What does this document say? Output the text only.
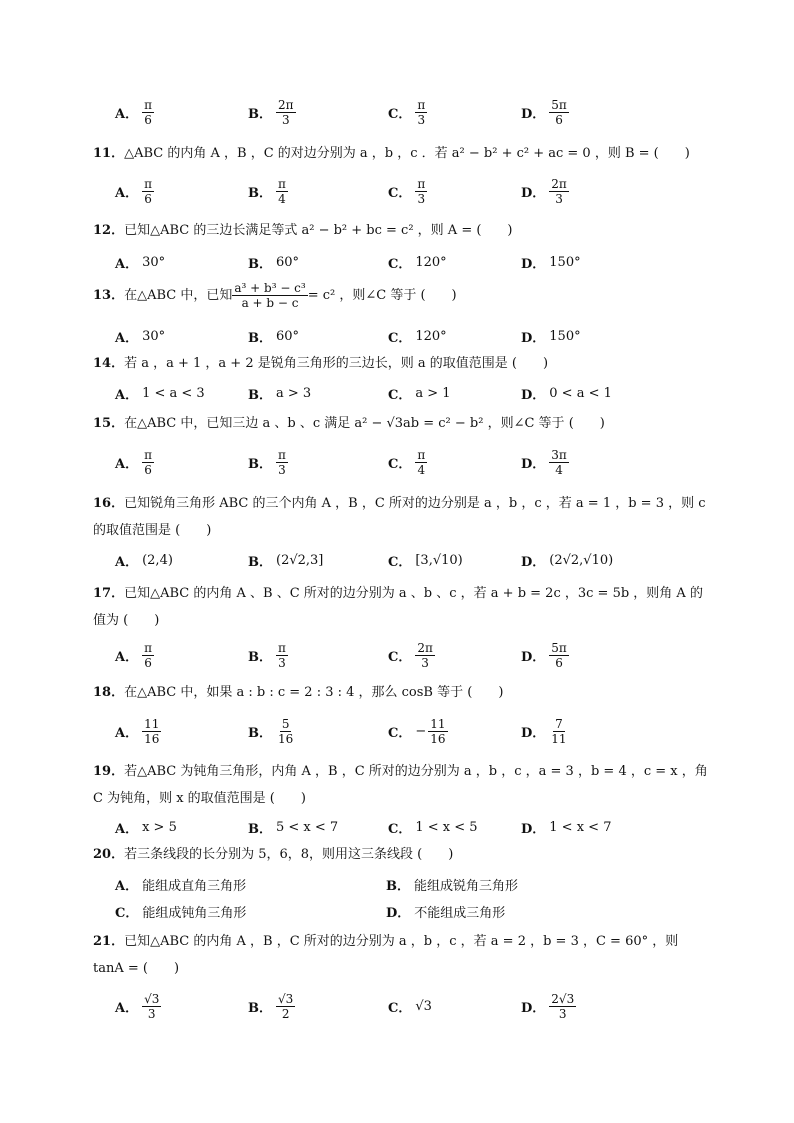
A． $\frac{\pi}{6}$	B． $\frac{2\pi}{3}$	C． $\frac{\pi}{3}$	D． $\frac{5\pi}{6}$
11．△ABC 的内角 A ，B ，C 的对边分别为 a ，b ，c ．若 a² − b² + c² + ac = 0 ，则 B = (　　)
A． $\frac{\pi}{6}$	B． $\frac{\pi}{4}$	C． $\frac{\pi}{3}$	D． $\frac{2\pi}{3}$
12．已知△ABC 的三边长满足等式 a² − b² + bc = c² ，则 A = (　　)
A． 30°	B． 60°	C． 120°	D． 150°
13．在△ABC 中，已知 $\frac{\text{a³ + b³ − c³}}{a + b - c} = c^2$ ，则∠C 等于 (　　)
A． 30°	B． 60°	C． 120°	D． 150°
14．若 a ，a + 1 ，a + 2 是锐角三角形的三边长，则 a 的取值范围是 (　　)
A． 1 < a < 3	B． a > 3	C． a > 1	D． 0 < a < 1
15．在△ABC 中，已知三边 a 、b 、c 满足 a² − √3ab = c² − b² ，则∠C 等于 (　　)
A． $\frac{\pi}{6}$	B． $\frac{\pi}{3}$	C． $\frac{\pi}{4}$	D． $\frac{3\pi}{4}$
16．已知锐角三角形 ABC 的三个内角 A ，B ，C 所对的边分别是 a ，b ，c ，若 a = 1 ，b = 3 ，则 c 的取值范围是 (　　)
A． (2,4)	B． (2√2,3]	C． [3,√10)	D． (2√2,√10)
17．已知△ABC 的内角 A 、B 、C 所对的边分别为 a 、b 、c ，若 a + b = 2c ，3c = 5b ，则角 A 的值为 (　　)
A． $\frac{\pi}{6}$	B． $\frac{\pi}{3}$	C． $\frac{2\pi}{3}$	D． $\frac{5\pi}{6}$
18．在△ABC 中，如果 a : b : c = 2 : 3 : 4 ，那么 cosB 等于 (　　)
A． $\frac{11}{16}$	B． $\frac{5}{16}$	C． − $\frac{11}{16}$	D． $\frac{7}{11}$
19．若△ABC 为钝角三角形，内角 A ，B ，C 所对的边分别为 a ，b ，c ，a = 3 ，b = 4 ，c = x ，角 C 为钝角，则 x 的取值范围是 (　　)
A． x > 5	B． 5 < x < 7	C． 1 < x < 5	D． 1 < x < 7
20．若三条线段的长分别为 5，6，8，则用这三条线段 (　　)
A． 能组成直角三角形	B． 能组成锐角三角形
C． 能组成钝角三角形	D． 不能组成三角形
21．已知△ABC 的内角 A ，B ，C 所对的边分别为 a ，b ，c ，若 a = 2 ，b = 3 ，C = 60° ，则 tanA = (　　)
A． $\frac{√3}{3}$	B． $\frac{√3}{2}$	C． √3	D． $\frac{2√3}{3}$
